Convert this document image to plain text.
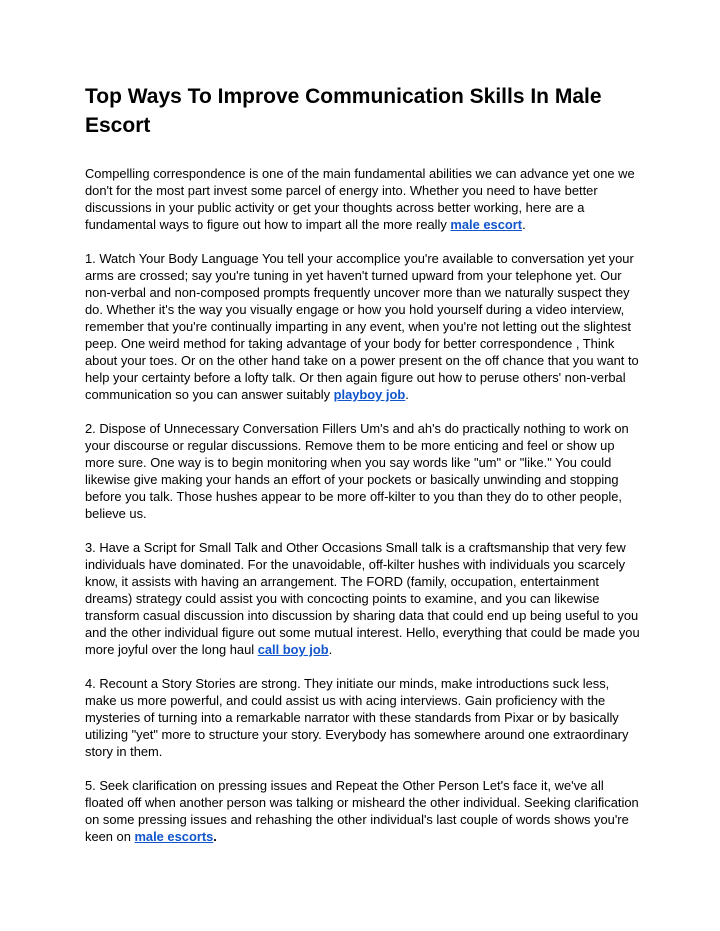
Top Ways To Improve Communication Skills In Male Escort

Compelling correspondence is one of the main fundamental abilities we can advance yet one we don't for the most part invest some parcel of energy into. Whether you need to have better discussions in your public activity or get your thoughts across better working, here are a fundamental ways to figure out how to impart all the more really male escort.

1. Watch Your Body Language You tell your accomplice you're available to conversation yet your arms are crossed; say you're tuning in yet haven't turned upward from your telephone yet. Our non-verbal and non-composed prompts frequently uncover more than we naturally suspect they do. Whether it's the way you visually engage or how you hold yourself during a video interview, remember that you're continually imparting in any event, when you're not letting out the slightest peep. One weird method for taking advantage of your body for better correspondence , Think about your toes. Or on the other hand take on a power present on the off chance that you want to help your certainty before a lofty talk. Or then again figure out how to peruse others' non-verbal communication so you can answer suitably playboy job.

2. Dispose of Unnecessary Conversation Fillers Um's and ah's do practically nothing to work on your discourse or regular discussions. Remove them to be more enticing and feel or show up more sure. One way is to begin monitoring when you say words like "um" or "like." You could likewise give making your hands an effort of your pockets or basically unwinding and stopping before you talk. Those hushes appear to be more off-kilter to you than they do to other people, believe us.

3. Have a Script for Small Talk and Other Occasions Small talk is a craftsmanship that very few individuals have dominated. For the unavoidable, off-kilter hushes with individuals you scarcely know, it assists with having an arrangement. The FORD (family, occupation, entertainment dreams) strategy could assist you with concocting points to examine, and you can likewise transform casual discussion into discussion by sharing data that could end up being useful to you and the other individual figure out some mutual interest. Hello, everything that could be made you more joyful over the long haul call boy job.

4. Recount a Story Stories are strong. They initiate our minds, make introductions suck less, make us more powerful, and could assist us with acing interviews. Gain proficiency with the mysteries of turning into a remarkable narrator with these standards from Pixar or by basically utilizing "yet" more to structure your story. Everybody has somewhere around one extraordinary story in them.

5. Seek clarification on pressing issues and Repeat the Other Person Let's face it, we've all floated off when another person was talking or misheard the other individual. Seeking clarification on some pressing issues and rehashing the other individual's last couple of words shows you're keen on male escorts.
